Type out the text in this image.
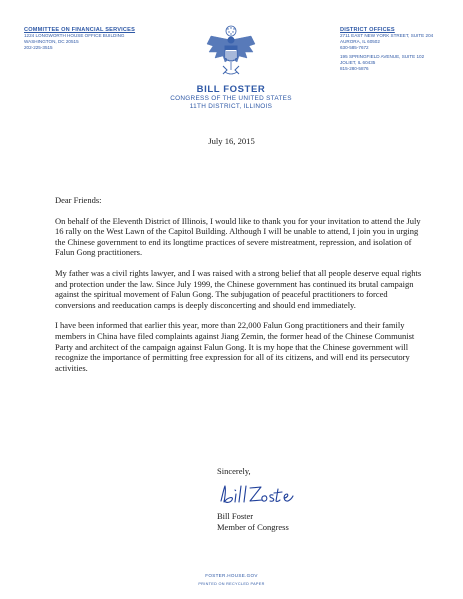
COMMITTEE ON FINANCIAL SERVICES
1224 LONGWORTH HOUSE OFFICE BUILDING
WASHINGTON, DC 20515
202-225-3515
DISTRICT OFFICES
2711 EAST NEW YORK STREET, SUITE 204
AURORA, IL 60502
630-585-7672
195 SPRINGFIELD AVENUE, SUITE 102
JOLIET, IL 60435
815-280-5876
BILL FOSTER
CONGRESS OF THE UNITED STATES
11TH DISTRICT, ILLINOIS
July 16, 2015

Dear Friends:

On behalf of the Eleventh District of Illinois, I would like to thank you for your invitation to attend the July 16 rally on the West Lawn of the Capitol Building. Although I will be unable to attend, I join you in urging the Chinese government to end its longtime practices of severe mistreatment, repression, and isolation of Falun Gong practitioners.

My father was a civil rights lawyer, and I was raised with a strong belief that all people deserve equal rights and protection under the law. Since July 1999, the Chinese government has continued its brutal campaign against the spiritual movement of Falun Gong. The subjugation of peaceful practitioners to forced conversions and reeducation camps is deeply disconcerting and should end immediately.

I have been informed that earlier this year, more than 22,000 Falun Gong practitioners and their family members in China have filed complaints against Jiang Zemin, the former head of the Chinese Communist Party and architect of the campaign against Falun Gong. It is my hope that the Chinese government will recognize the importance of permitting free expression for all of its citizens, and will end its persecutory activities.

Sincerely,
Bill Foster
Member of Congress
FOSTER.HOUSE.GOV
PRINTED ON RECYCLED PAPER
